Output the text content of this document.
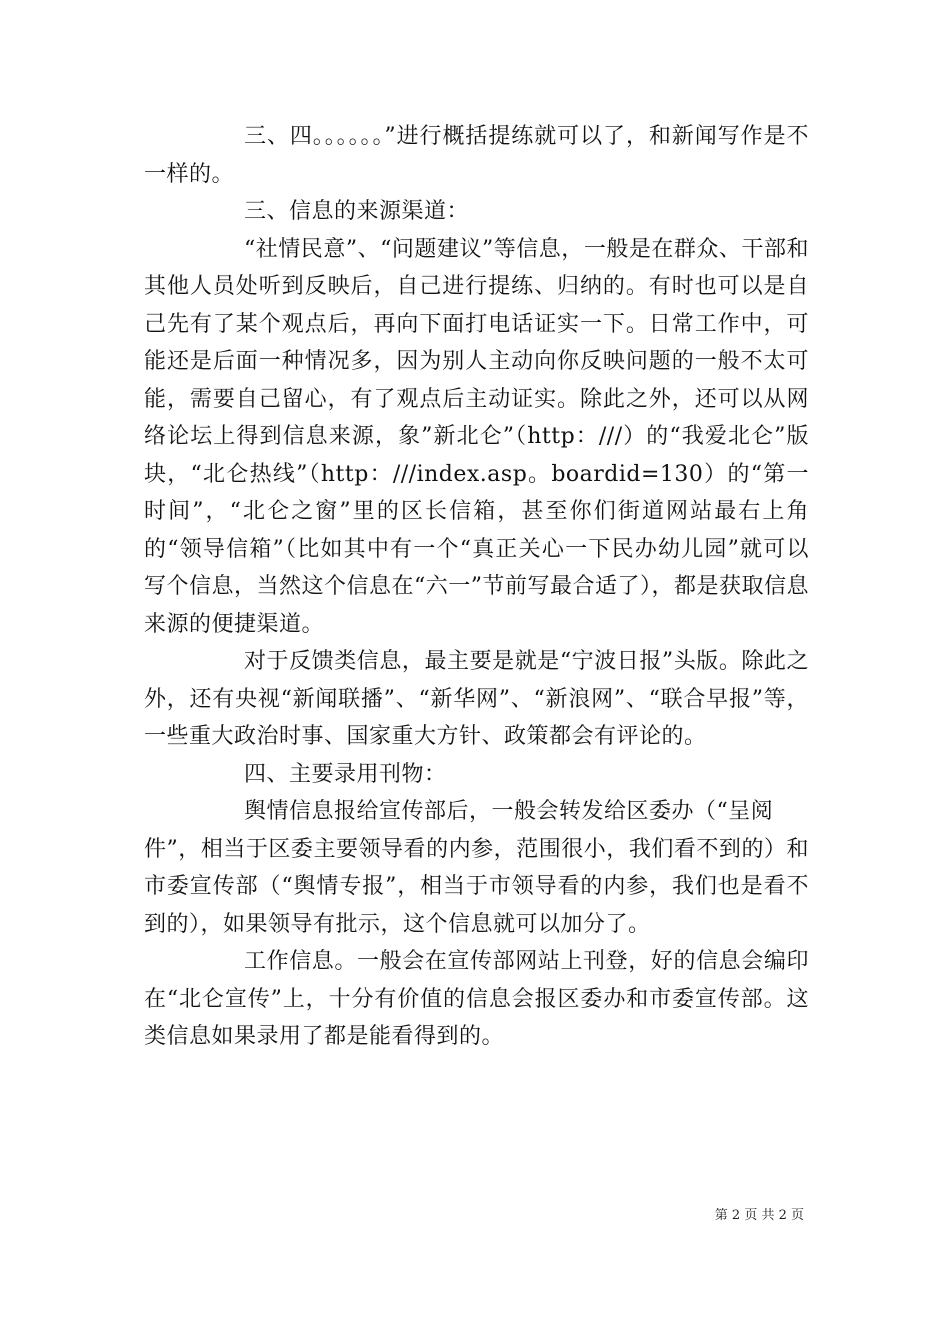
三、四。。。。。。”进行概括提练就可以了，和新闻写作是不一样的。

三、信息的来源渠道：

“社情民意”、“问题建议”等信息，一般是在群众、干部和其他人员处听到反映后，自己进行提练、归纳的。有时也可以是自己先有了某个观点后，再向下面打电话证实一下。日常工作中，可能还是后面一种情况多，因为别人主动向你反映问题的一般不太可能，需要自己留心，有了观点后主动证实。除此之外，还可以从网络论坛上得到信息来源，象”新北仑”（http：///）的“我爱北仑”版块，“北仑热线”（http：///index.asp。boardid=130）的“第一时间”，“北仑之窗”里的区长信箱，甚至你们街道网站最右上角的“领导信箱”（比如其中有一个“真正关心一下民办幼儿园”就可以写个信息，当然这个信息在“六一”节前写最合适了），都是获取信息来源的便捷渠道。

对于反馈类信息，最主要是就是“宁波日报”头版。除此之外，还有央视“新闻联播”、“新华网”、“新浪网”、“联合早报”等，一些重大政治时事、国家重大方针、政策都会有评论的。

四、主要录用刊物：

舆情信息报给宣传部后，一般会转发给区委办（“呈阅

件”，相当于区委主要领导看的内参，范围很小，我们看不到的）和市委宣传部（“舆情专报”，相当于市领导看的内参，我们也是看不到的），如果领导有批示，这个信息就可以加分了。

工作信息。一般会在宣传部网站上刊登，好的信息会编印在“北仑宣传”上，十分有价值的信息会报区委办和市委宣传部。这类信息如果录用了都是能看得到的。

第 2 页 共 2 页
